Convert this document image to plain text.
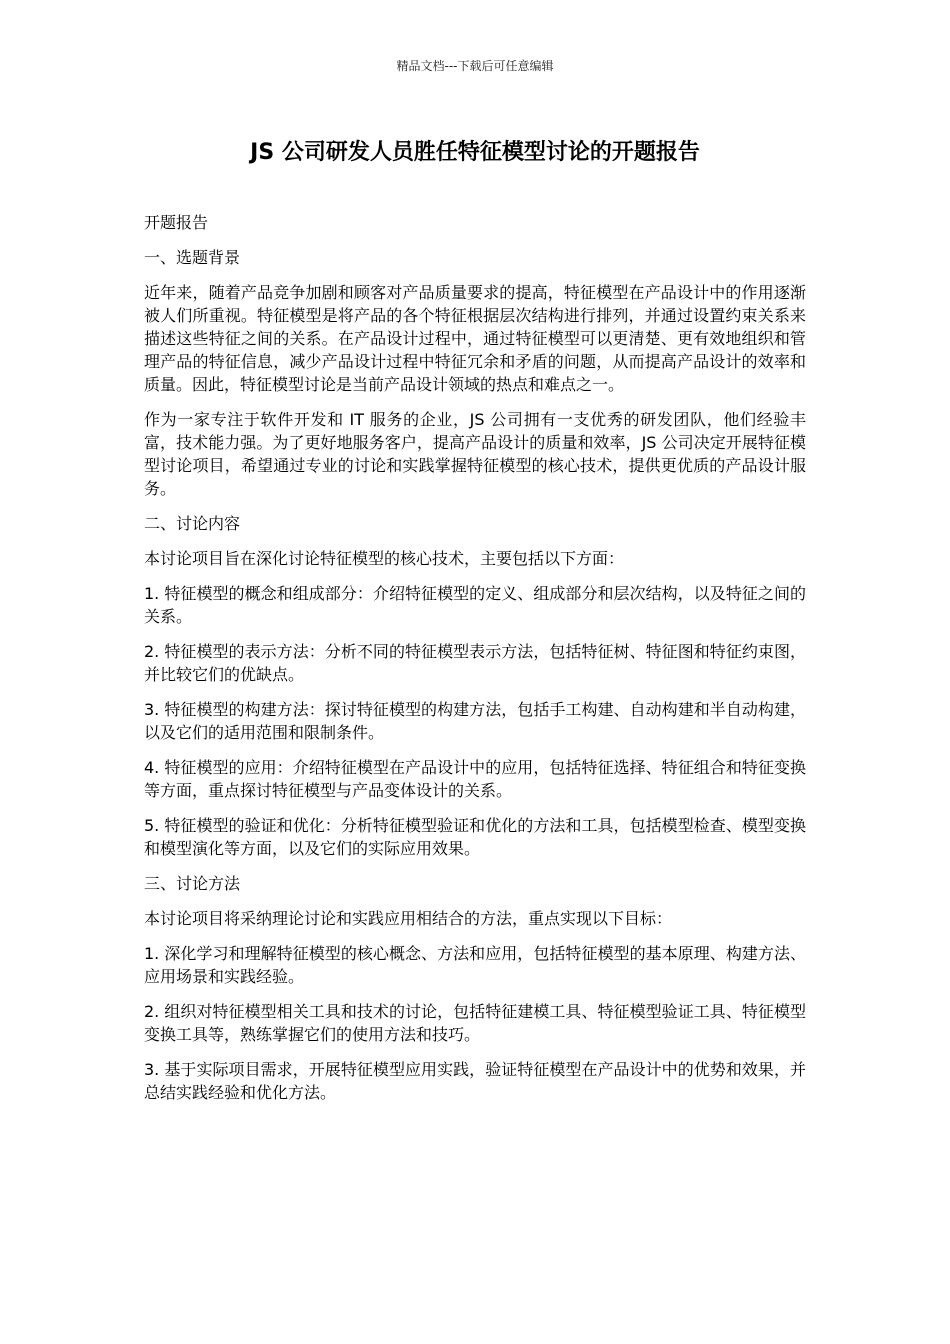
精品文档---下载后可任意编辑
JS 公司研发人员胜任特征模型讨论的开题报告

开题报告

一、选题背景

近年来，随着产品竞争加剧和顾客对产品质量要求的提高，特征模型在产品设计中的作用逐渐被人们所重视。特征模型是将产品的各个特征根据层次结构进行排列，并通过设置约束关系来描述这些特征之间的关系。在产品设计过程中，通过特征模型可以更清楚、更有效地组织和管理产品的特征信息，减少产品设计过程中特征冗余和矛盾的问题，从而提高产品设计的效率和质量。因此，特征模型讨论是当前产品设计领域的热点和难点之一。

作为一家专注于软件开发和 IT 服务的企业，JS 公司拥有一支优秀的研发团队，他们经验丰富，技术能力强。为了更好地服务客户，提高产品设计的质量和效率，JS 公司决定开展特征模型讨论项目，希望通过专业的讨论和实践掌握特征模型的核心技术，提供更优质的产品设计服务。

二、讨论内容

本讨论项目旨在深化讨论特征模型的核心技术，主要包括以下方面：

1. 特征模型的概念和组成部分：介绍特征模型的定义、组成部分和层次结构，以及特征之间的关系。

2. 特征模型的表示方法：分析不同的特征模型表示方法，包括特征树、特征图和特征约束图，并比较它们的优缺点。

3. 特征模型的构建方法：探讨特征模型的构建方法，包括手工构建、自动构建和半自动构建，以及它们的适用范围和限制条件。

4. 特征模型的应用：介绍特征模型在产品设计中的应用，包括特征选择、特征组合和特征变换等方面，重点探讨特征模型与产品变体设计的关系。

5. 特征模型的验证和优化：分析特征模型验证和优化的方法和工具，包括模型检查、模型变换和模型演化等方面，以及它们的实际应用效果。

三、讨论方法

本讨论项目将采纳理论讨论和实践应用相结合的方法，重点实现以下目标：

1. 深化学习和理解特征模型的核心概念、方法和应用，包括特征模型的基本原理、构建方法、应用场景和实践经验。

2. 组织对特征模型相关工具和技术的讨论，包括特征建模工具、特征模型验证工具、特征模型变换工具等，熟练掌握它们的使用方法和技巧。

3. 基于实际项目需求，开展特征模型应用实践，验证特征模型在产品设计中的优势和效果，并总结实践经验和优化方法。
